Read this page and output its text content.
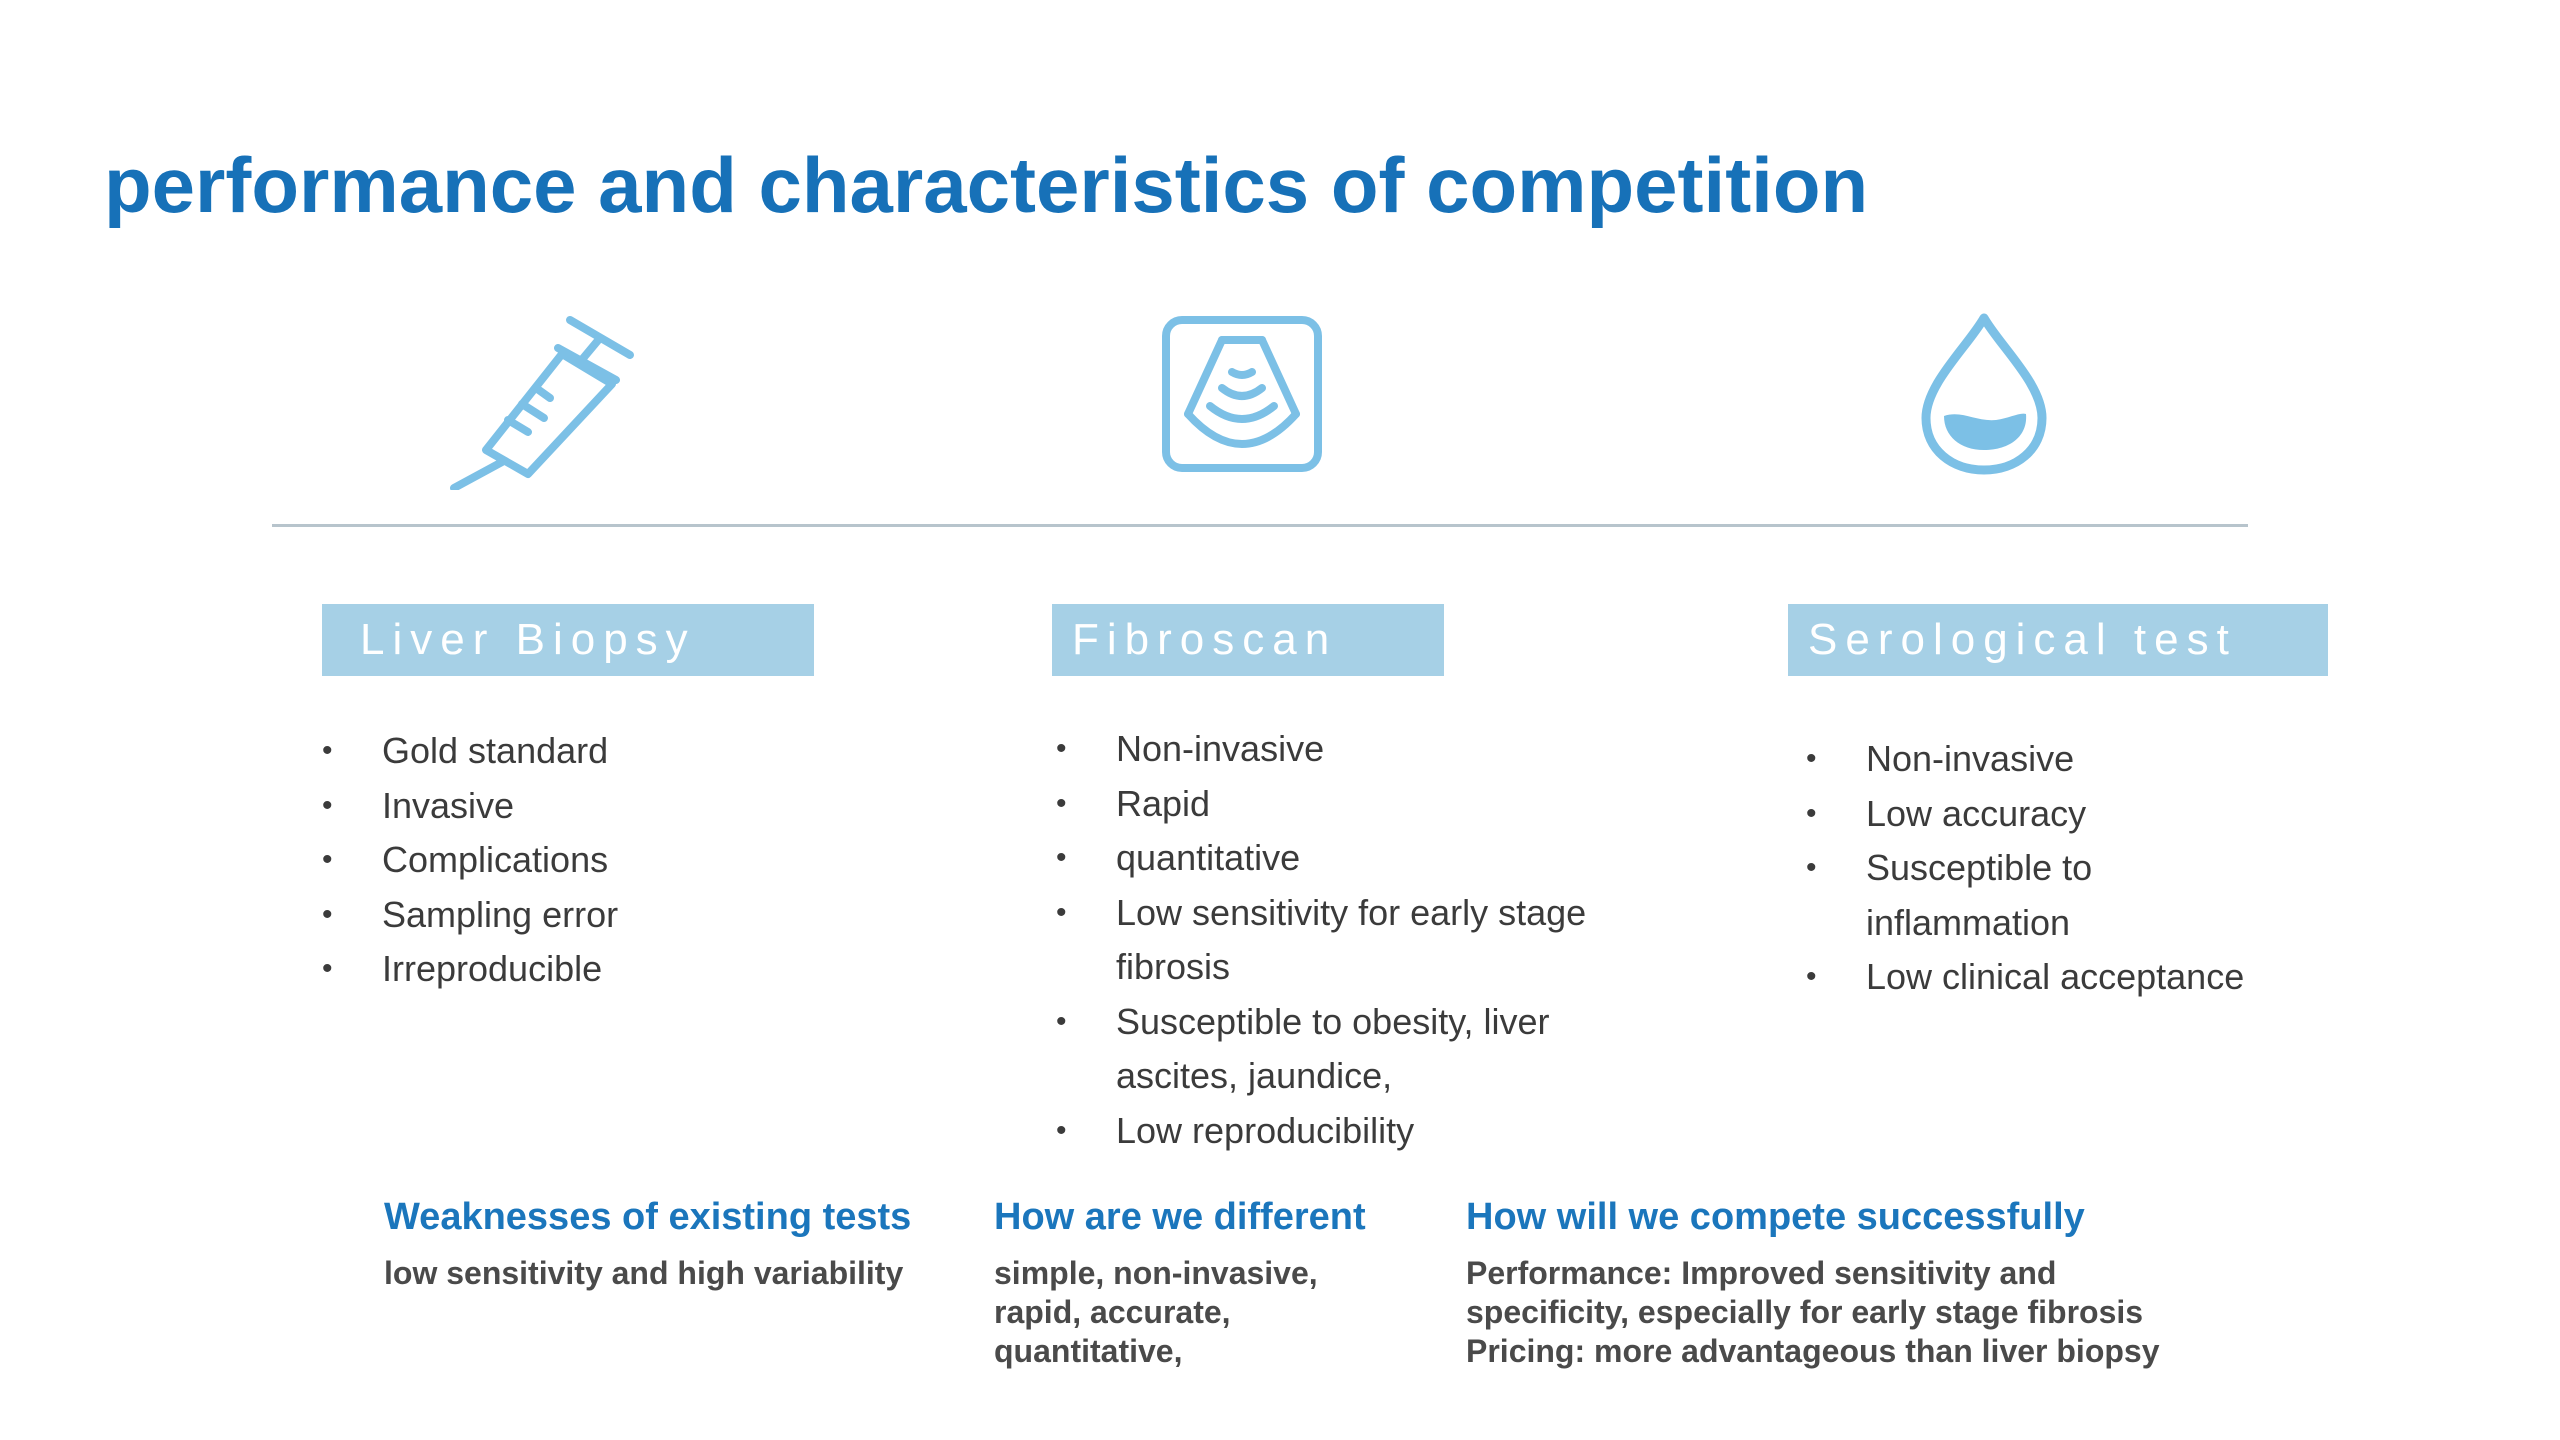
performance and characteristics of competition
Liver Biopsy	Fibroscan	Serological test
• Gold standard
• Invasive
• Complications
• Sampling error
• Irreproducible
• Non-invasive
• Rapid
• quantitative
• Low sensitivity for early stage fibrosis
• Susceptible to obesity, liver ascites, jaundice,
• Low reproducibility
• Non-invasive
• Low accuracy
• Susceptible to inflammation
• Low clinical acceptance
Weaknesses of existing tests
low sensitivity and high variability
How are we different
simple, non-invasive,
rapid, accurate,
quantitative,
How will we compete successfully
Performance: Improved sensitivity and
specificity, especially for early stage fibrosis
Pricing: more advantageous than liver biopsy
